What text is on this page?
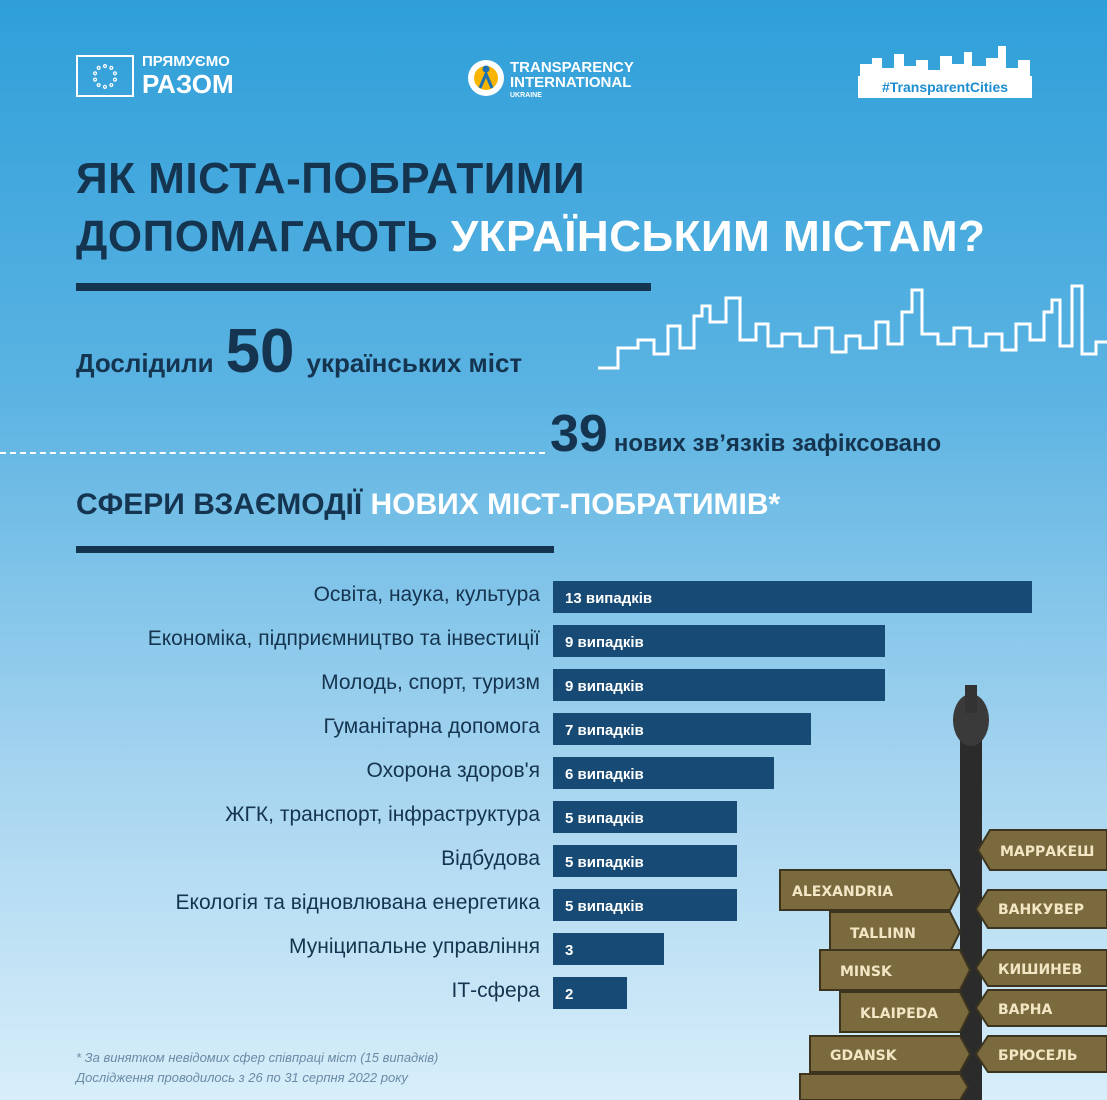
ПРЯМУЄМО
РАЗОМ
TRANSPARENCY
INTERNATIONAL
UKRAINE
#TransparentCities
ЯК МІСТА-ПОБРАТИМИ
ДОПОМАГАЮТЬ УКРАЇНСЬКИМ МІСТАМ?
Дослідили 50 українських міст
39 нових зв’язків зафіксовано
СФЕРИ ВЗАЄМОДІЇ НОВИХ МІСТ-ПОБРАТИМІВ*
МАРРАКЕШ
ALEXANDRIA
TALLINN
ВАНКУВЕР
MINSK	КИШИНЕВ
KLAIPEDA	ВАРНА
GDANSK	БРЮСЕЛЬ
Освіта, наука, культура 13 випадків
Економіка, підприємництво та інвестиції 9 випадків
Молодь, спорт, туризм 9 випадків
Гуманітарна допомога 7 випадків
Охорона здоров'я 6 випадків
ЖГК, транспорт, інфраструктура 5 випадків
Відбудова 5 випадків
Екологія та відновлювана енергетика 5 випадків
Муніципальне управління 3
ІТ-сфера 2
* За винятком невідомих сфер співпраці міст (15 випадків)
Дослідження проводилось з 26 по 31 серпня 2022 року
